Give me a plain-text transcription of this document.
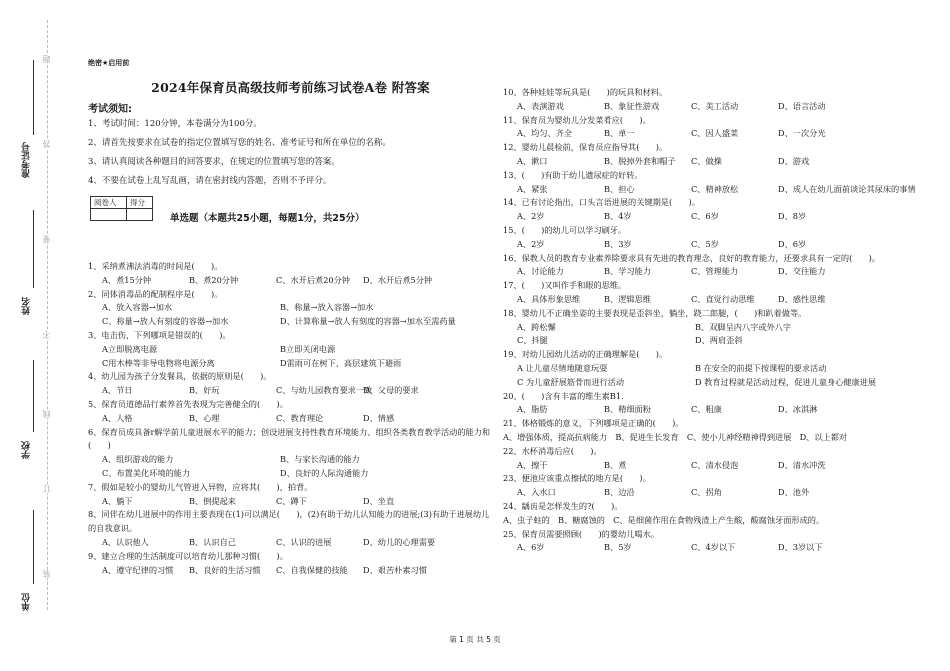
题
答
要
不
线
订
装
准考证号
姓名
学校
单位
绝密★启用前
2024年保育员高级技师考前练习试卷A卷 附答案
考试须知:
1、考试时间：120分钟，本卷满分为100分。
2、请首先按要求在试卷的指定位置填写您的姓名、准考证号和所在单位的名称。
3、请认真阅读各种题目的回答要求，在规定的位置填写您的答案。
4、不要在试卷上乱写乱画，请在密封线内答题，否则不予评分。
阅卷人	得分

单选题（本题共25小题，每题1分，共25分）
1、采纳煮沸法消毒的时间是(　　)。
A、煮15分钟	B、煮20分钟	C、水开后煮20分钟 D、水开后煮5分钟
2、同体消毒品的配制程序是(　　)。
A、放入容器→加水	B、称量→放入容器→加水
C、称量→放人有刻度的容器→加水	D、计算称量→放人有刻度的容器→加水至需药量

3、电击伤，下列哪项是错误的(　　)。
A立即脱离电源	B立即关闭电源
C用木棒等非导电物将电源分离	D雷雨可在树下、高层建筑下避雨

4、幼儿园为孩子分发餐具，依据的原则是(　　)。
A、节日	B、好玩	C、与幼儿园教育要求一致D、父母的要求
5、保育员道德品行素养首先表现为完善健全的(　　)。
A、人格	B、心理	C、教育理论	D、情感
6、保育员成具备r解学前儿童进展水平的能力；创设进展支持性教育环境能力、组织各类教育教学活动的能力和(　　)
A、组织游戏的能力	B、与家长沟通的能力
C、布置美化环境的能力	D、良好的人际沟通能力

7、假如是较小的婴幼儿气管进入异物，应将其(　　)，拍背。
A、躺下	B、倒提起来	C、蹲下	D、坐直
8、同伴在幼儿进展中的作用主要表现在(1)可以满足(　　)，(2)有助于幼儿认知能力的进展;(3)有助于进展幼儿的自我意识。
A、认识他人	B、认识自己	C、认识的进展	D、幼儿的心理需要
9、建立合理的生活制度可以培育幼儿那种习惯(　　)。
A、遵守纪律的习惯 B、良好的生活习惯 C、自我保健的技能 D、艰苦朴素习惯
10、各种娃娃等玩具是(　　)的玩具和材料。
A、表演游戏	B、象征性游戏	C、美工活动	D、语言活动
11、保育员为婴幼儿分发菜肴应(　　)。
A、均匀、齐全	B、单一	C、因人盛菜	D、一次分光
12、婴幼儿晨检前，保育员应指导其(　　)。
A、漱口	B、脱掉外套和帽子 C、做操	D、游戏
13、(　　)有助于幼儿遗尿症的好转。
A、紧张	B、担心	C、精神放松	D、成人在幼儿面前谈论其尿床的事情
14、已有讨论指出，口头言语进展的关键期是(　　)。
A、2岁	B、4岁	C、6岁	D、8岁
15、(　　)的幼儿可以学习刷牙。
A、2岁	B、3岁	C、5岁	D、6岁
16、保教人员的教育专业素养除要求具有先进的教育理念，良好的教育能力，还要求具有一定的(　　)。
A、讨论能力	B、学习能力	C、管理能力	D、交往能力
17、(　　)又叫作手和眼的思维。
A、具体形象思维	B、逻辑思维	C、直觉行动思维	D、感性思维
18、婴幼儿不正确坐姿的主要表现是歪斜坐，躺坐，跷二郎腿，(　　)和趴着做等。
A、跨松懈	B、双脚呈内八字或外八字
C、抖腿	D、两肩歪斜

19、对幼儿园幼儿活动的正确理解是(　　)。
A 让儿童尽情地随意玩耍	B 在安全的前提下按课程的要求活动
C 为儿童舒展筋骨而进行活动	D 教育过程就是活动过程，促进儿童身心健康进展

20、(　　)含有丰富的维生素B1.
A、脂肪	B、精细面粉	C、粗康	D、冰淇淋
21、体格锻炼的意义，下列哪项是正确的(　　)。
A、增强体质，提高抗病能力　B、促进生长发育　C、使小儿神经精神得到进展　D、以上都对
22、水杯消毒后应(　　)。
A、擦干	B、煮	C、清水侵泡	D、清水冲洗
23、便池应该重点擦拭的地方是(　　)。
A、入水口	B、边沿	C、拐角	D、池外
24、龋齿是怎样发生的?(　　)。
A、虫子蛀的　B、糖腐蚀的　C、是细菌作用在食物残渣上产生酸，酸腐蚀牙面形成的。
25、保育员需要照顾(　　)的婴幼儿喝水。
A、6岁	B、5岁	C、4岁以下	D、3岁以下
第 1 页 共 5 页
